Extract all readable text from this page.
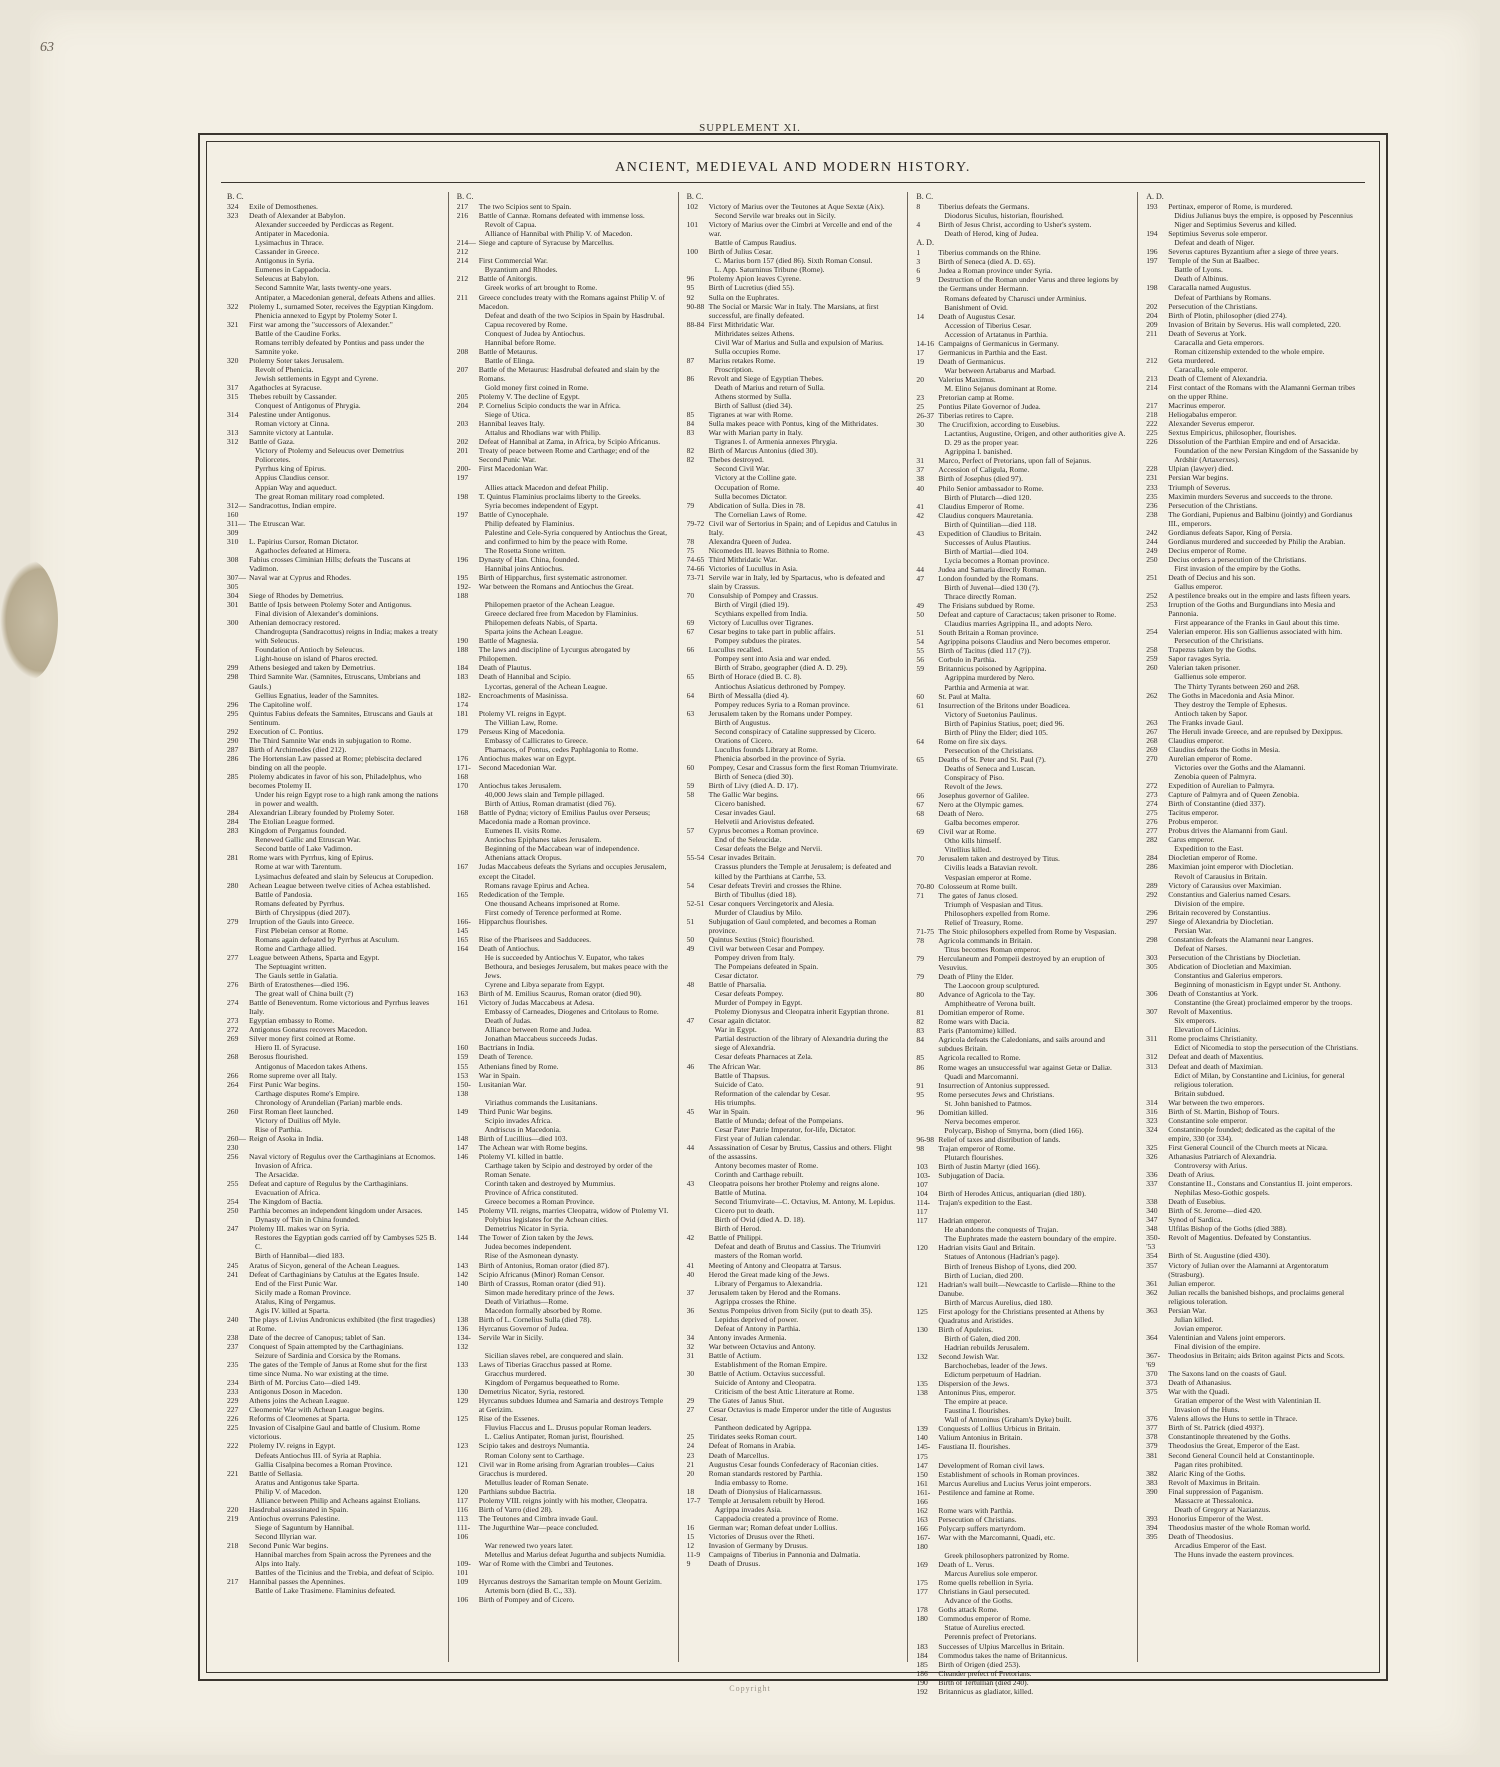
63
SUPPLEMENT XI.
ANCIENT, MEDIEVAL AND MODERN HISTORY.
B. C.
324	Exile of Demosthenes.
323	Death of Alexander at Babylon.
Alexander succeeded by Perdiccas as Regent.
Antipater in Macedonia.
Lysimachus in Thrace.
Cassander in Greece.
Antigonus in Syria.
Eumenes in Cappadocia.
Seleucus at Babylon.
Second Samnite War, lasts twenty-one years.
Antipater, a Macedonian general, defeats Athens and allies.
322	Ptolemy I., surnamed Soter, receives the Egyptian Kingdom.
Phenicia annexed to Egypt by Ptolemy Soter I.
321	First war among the "successors of Alexander."
Battle of the Caudine Forks.
Romans terribly defeated by Pontius and pass under the Samnite yoke.
320	Ptolemy Soter takes Jerusalem.
Revolt of Phenicia.
Jewish settlements in Egypt and Cyrene.
317	Agathocles at Syracuse.
315	Thebes rebuilt by Cassander.
Conquest of Antigonus of Phrygia.
314	Palestine under Antigonus.
Roman victory at Cinna.
313	Samnite victory at Lantulæ.
312	Battle of Gaza.
Victory of Ptolemy and Seleucus over Demetrius Poliorcetes.
Pyrrhus king of Epirus.
Appius Claudius censor.
Appian Way and aqueduct.
The great Roman military road completed.
312—160
Sandracottus, Indian empire.
311—309
The Etruscan War.
310	L. Papirius Cursor, Roman Dictator.
Agathocles defeated at Himera.
308	Fabius crosses Ciminian Hills; defeats the Tuscans at Vadimon.
307—305
Naval war at Cyprus and Rhodes.
304	Siege of Rhodes by Demetrius.
301	Battle of Ipsis between Ptolemy Soter and Antigonus.
Final division of Alexander's dominions.
300	Athenian democracy restored.
Chandrogupta (Sandracottus) reigns in India; makes a treaty with Seleucus.
Foundation of Antioch by Seleucus.
Light-house on island of Pharos erected.
299	Athens besieged and taken by Demetrius.
298	Third Samnite War. (Samnites, Etruscans, Umbrians and Gauls.)
Gellius Egnatius, leader of the Samnites.
296	The Capitoline wolf.
295	Quintus Fabius defeats the Samnites, Etruscans and Gauls at Sentinum.
292	Execution of C. Pontius.
290	The Third Samnite War ends in subjugation to Rome.
287	Birth of Archimedes (died 212).
286	The Hortensian Law passed at Rome; plebiscita declared binding on all the people.
285	Ptolemy abdicates in favor of his son, Philadelphus, who becomes Ptolemy II.
Under his reign Egypt rose to a high rank among the nations in power and wealth.
284	Alexandrian Library founded by Ptolemy Soter.
284	The Etolian League formed.
283	Kingdom of Pergamus founded.
Renewed Gallic and Etruscan War.
Second battle of Lake Vadimon.
281	Rome wars with Pyrrhus, king of Epirus.
Rome at war with Tarentum.
Lysimachus defeated and slain by Seleucus at Corupedion.
280	Achean League between twelve cities of Achea established.
Battle of Pandosia.
Romans defeated by Pyrrhus.
Birth of Chrysippus (died 207).
279	Irruption of the Gauls into Greece.
First Plebeian censor at Rome.
Romans again defeated by Pyrrhus at Asculum.
Rome and Carthage allied.
277	League between Athens, Sparta and Egypt.
The Septuagint written.
The Gauls settle in Galatia.
276	Birth of Eratosthenes—died 196.
The great wall of China built (?)
274	Battle of Beneventum. Rome victorious and Pyrrhus leaves Italy.
273	Egyptian embassy to Rome.
272	Antigonus Gonatus recovers Macedon.
269	Silver money first coined at Rome.
Hiero II. of Syracuse.
268	Berosus flourished.
Antigonus of Macedon takes Athens.
266	Rome supreme over all Italy.
264	First Punic War begins.
Carthage disputes Rome's Empire.
Chronology of Arundelian (Parian) marble ends.
260	First Roman fleet launched.
Victory of Duilius off Myle.
Rise of Parthia.
260—230
Reign of Asoka in India.
256	Naval victory of Regulus over the Carthaginians at Ecnomos.
Invasion of Africa.
The Arsacidæ.
255	Defeat and capture of Regulus by the Carthaginians.
Evacuation of Africa.
254	The Kingdom of Bactia.
250	Parthia becomes an independent kingdom under Arsaces.
Dynasty of Tsin in China founded.
247	Ptolemy III. makes war on Syria.
Restores the Egyptian gods carried off by Cambyses 525 B. C.
Birth of Hannibal—died 183.
245	Aratus of Sicyon, general of the Achean Leagues.
241	Defeat of Carthaginians by Catulus at the Egates Insule.
End of the First Punic War.
Sicily made a Roman Province.
Atalus, King of Pergamus.
Agis IV. killed at Sparta.
240	The plays of Livius Andronicus exhibited (the first tragedies) at Rome.
238	Date of the decree of Canopus; tablet of San.
237	Conquest of Spain attempted by the Carthaginians.
Seizure of Sardinia and Corsica by the Romans.
235	The gates of the Temple of Janus at Rome shut for the first time since Numa. No war existing at the time.
234	Birth of M. Porcius Cato—died 149.
233	Antigonus Doson in Macedon.
229	Athens joins the Achean League.
227	Cleomenic War with Achean League begins.
226	Reforms of Cleomenes at Sparta.
225	Invasion of Cisalpine Gaul and battle of Clusium. Rome victorious.
222	Ptolemy IV. reigns in Egypt.
Defeats Antiochus III. of Syria at Raphia.
Gallia Cisalpina becomes a Roman Province.
221	Battle of Sellasia.
Aratus and Antigonus take Sparta.
Philip V. of Macedon.
Alliance between Philip and Acheans against Etolians.
220	Hasdrubal assassinated in Spain.
219	Antiochus overruns Palestine.
Siege of Saguntum by Hannibal.
Second Illyrian war.
218	Second Punic War begins.
Hannibal marches from Spain across the Pyrenees and the Alps into Italy.
Battles of the Ticinius and the Trebia, and defeat of Scipio.
217	Hannibal passes the Apennines.
Battle of Lake Trasimene. Flaminius defeated.
B. C.
217	The two Scipios sent to Spain.
216	Battle of Cannæ. Romans defeated with immense loss.
Revolt of Capua.
Alliance of Hannibal with Philip V. of Macedon.
214—212
Siege and capture of Syracuse by Marcellus.
214	First Commercial War.
Byzantium and Rhodes.
212	Battle of Anitorgis.
Greek works of art brought to Rome.
211	Greece concludes treaty with the Romans against Philip V. of Macedon.
Defeat and death of the two Scipios in Spain by Hasdrubal.
Capua recovered by Rome.
Conquest of Judea by Antiochus.
Hannibal before Rome.
208	Battle of Metaurus.
Battle of Elinga.
207	Battle of the Metaurus: Hasdrubal defeated and slain by the Romans.
Gold money first coined in Rome.
205	Ptolemy V. The decline of Egypt.
204	P. Cornelius Scipio conducts the war in Africa.
Siege of Utica.
203	Hannibal leaves Italy.
Attalus and Rhodians war with Philip.
202	Defeat of Hannibal at Zama, in Africa, by Scipio Africanus.
201	Treaty of peace between Rome and Carthage; end of the Second Punic War.
200-197
First Macedonian War.
Allies attack Macedon and defeat Philip.
198	T. Quintus Flaminius proclaims liberty to the Greeks.
Syria becomes independent of Egypt.
197	Battle of Cynocephale.
Philip defeated by Flaminius.
Palestine and Cele-Syria conquered by Antiochus the Great, and confirmed to him by the peace with Rome.
The Rosetta Stone written.
196	Dynasty of Han. China, founded.
Hannibal joins Antiochus.
195	Birth of Hipparchus, first systematic astronomer.
192-188
War between the Romans and Antiochus the Great.
Philopemen praetor of the Achean League.
Greece declared free from Macedon by Flaminius.
Philopemen defeats Nabis, of Sparta.
Sparta joins the Achean League.
190	Battle of Magnesia.
188	The laws and discipline of Lycurgus abrogated by Philopemen.
184	Death of Plautus.
183	Death of Hannibal and Scipio.
Lycortas, general of the Achean League.
182-174
Encroachments of Masinissa.
181	Ptolemy VI. reigns in Egypt.
The Villian Law, Rome.
179	Perseus King of Macedonia.
Embassy of Callicrates to Greece.
Pharnaces, of Pontus, cedes Paphlagonia to Rome.
176	Antiochus makes war on Egypt.
171-168
Second Macedonian War.
170	Antiochus takes Jerusalem.
40,000 Jews slain and Temple pillaged.
Birth of Attius, Roman dramatist (died 76).
168	Battle of Pydna; victory of Emilius Paulus over Perseus; Macedonia made a Roman province.
Eumenes II. visits Rome.
Antiochus Epiphanes takes Jerusalem.
Beginning of the Maccabean war of independence.
Athenians attack Oropus.
167	Judas Maccabeus defeats the Syrians and occupies Jerusalem, except the Citadel.
Romans ravage Epirus and Achea.
165	Rededication of the Temple.
One thousand Acheans imprisoned at Rome.
First comedy of Terence performed at Rome.
166-145
Hipparchus flourishes.
165	Rise of the Pharisees and Sadducees.
164	Death of Antiochus.
He is succeeded by Antiochus V. Eupator, who takes Bethoura, and besieges Jerusalem, but makes peace with the Jews.
Cyrene and Libya separate from Egypt.
163	Birth of M. Emilius Scaurus, Roman orator (died 90).
161	Victory of Judas Maccabeus at Adesa.
Embassy of Carneades, Diogenes and Critolaus to Rome.
Death of Judas.
Alliance between Rome and Judea.
Jonathan Maccabeus succeeds Judas.
160	Bactrians in India.
159	Death of Terence.
155	Athenians fined by Rome.
153	War in Spain.
150-138
Lusitanian War.
Viriathus commands the Lusitanians.
149	Third Punic War begins.
Scipio invades Africa.
Andriscus in Macedonia.
148	Birth of Lucillius—died 103.
147	The Achean war with Rome begins.
146	Ptolemy VI. killed in battle.
Carthage taken by Scipio and destroyed by order of the Roman Senate.
Corinth taken and destroyed by Mummius.
Province of Africa constituted.
Greece becomes a Roman Province.
145	Ptolemy VII. reigns, marries Cleopatra, widow of Ptolemy VI.
Polybius legislates for the Achean cities.
Demetrius Nicator in Syria.
144	The Tower of Zion taken by the Jews.
Judea becomes independent.
Rise of the Asmonean dynasty.
143	Birth of Antonius, Roman orator (died 87).
142	Scipio Africanus (Minor) Roman Censor.
140	Birth of Crassus, Roman orator (died 91).
Simon made hereditary prince of the Jews.
Death of Viriathus—Rome.
Macedon formally absorbed by Rome.
138	Birth of L. Cornelius Sulla (died 78).
136	Hyrcanus Governor of Judea.
134-132
Servile War in Sicily.
Sicilian slaves rebel, are conquered and slain.
133	Laws of Tiberias Gracchus passed at Rome.
Gracchus murdered.
Kingdom of Pergamus bequeathed to Rome.
130	Demetrius Nicator, Syria, restored.
129	Hyrcanus subdues Idumea and Samaria and destroys Temple at Gerizim.
125	Rise of the Essenes.
Fluvius Flaccus and L. Drusus popular Roman leaders.
L. Cælius Antipater, Roman jurist, flourished.
123	Scipio takes and destroys Numantia.
Roman Colony sent to Carthage.
121	Civil war in Rome arising from Agrarian troubles—Caius Gracchus is murdered.
Metullus leader of Roman Senate.
120	Parthians subdue Bactria.
117	Ptolemy VIII. reigns jointly with his mother, Cleopatra.
116	Birth of Varro (died 28).
113	The Teutones and Cimbra invade Gaul.
111-106
The Jugurthine War—peace concluded.
War renewed two years later.
Metellus and Marius defeat Jugurtha and subjects Numidia.
109-101
War of Rome with the Cimbri and Teutones.
109	Hyrcanus destroys the Samaritan temple on Mount Gerizim.
Artemis born (died B. C., 33).
106	Birth of Pompey and of Cicero.
B. C.
102	Victory of Marius over the Teutones at Aque Sextæ (Aix).
Second Servile war breaks out in Sicily.
101	Victory of Marius over the Cimbri at Vercelle and end of the war.
Battle of Campus Raudius.
100	Birth of Julius Cesar.
C. Marius born 157 (died 86). Sixth Roman Consul.
L. App. Saturninus Tribune (Rome).
96	Ptolemy Apion leaves Cyrene.
95	Birth of Lucretius (died 55).
92	Sulla on the Euphrates.
90-88 The Social or Marsic War in Italy. The Marsians, at first successful, are finally defeated.
88-84 First Mithridatic War.
Mithridates seizes Athens.
Civil War of Marius and Sulla and expulsion of Marius.
Sulla occupies Rome.
87	Marius retakes Rome.
Proscription.
86	Revolt and Siege of Egyptian Thebes.
Death of Marius and return of Sulla.
Athens stormed by Sulla.
Birth of Sallust (died 34).
85	Tigranes at war with Rome.
84	Sulla makes peace with Pontus, king of the Mithridates.
83	War with Marian party in Italy.
Tigranes I. of Armenia annexes Phrygia.
82	Birth of Marcus Antonius (died 30).
82	Thebes destroyed.
Second Civil War.
Victory at the Colline gate.
Occupation of Rome.
Sulla becomes Dictator.
79	Abdication of Sulla. Dies in 78.
The Cornelian Laws of Rome.
79-72 Civil war of Sertorius in Spain; and of Lepidus and Catulus in Italy.
78	Alexandra Queen of Judea.
75	Nicomedes III. leaves Bithnia to Rome.
74-65 Third Mithridatic War.
74-66 Victories of Lucullus in Asia.
73-71 Servile war in Italy, led by Spartacus, who is defeated and slain by Crassus.
70	Consulship of Pompey and Crassus.
Birth of Virgil (died 19).
Scythians expelled from India.
69	Victory of Lucullus over Tigranes.
67	Cesar begins to take part in public affairs.
Pompey subdues the pirates.
66	Lucullus recalled.
Pompey sent into Asia and war ended.
Birth of Strabo, geographer (died A. D. 29).
65	Birth of Horace (died B. C. 8).
Antiochus Asiaticus dethroned by Pompey.
64	Birth of Messalla (died 4).
Pompey reduces Syria to a Roman province.
63	Jerusalem taken by the Romans under Pompey.
Birth of Augustus.
Second conspiracy of Cataline suppressed by Cicero.
Orations of Cicero.
Lucullus founds Library at Rome.
Phenicia absorbed in the province of Syria.
60	Pompey, Cesar and Crassus form the first Roman Triumvirate.
Birth of Seneca (died 30).
59	Birth of Livy (died A. D. 17).
58	The Gallic War begins.
Cicero banished.
Cesar invades Gaul.
Helvetii and Ariovistus defeated.
57	Cyprus becomes a Roman province.
End of the Seleucidæ.
Cesar defeats the Belge and Nervii.
55-54 Cesar invades Britain.
Crassus plunders the Temple at Jerusalem; is defeated and killed by the Parthians at Carrhe, 53.
54	Cesar defeats Treviri and crosses the Rhine.
Birth of Tibullus (died 18).
52-51 Cesar conquers Vercingetorix and Alesia.
Murder of Claudius by Milo.
51	Subjugation of Gaul completed, and becomes a Roman province.
50	Quintus Sextius (Stoic) flourished.
49	Civil war between Cesar and Pompey.
Pompey driven from Italy.
The Pompeians defeated in Spain.
Cesar dictator.
48	Battle of Pharsalia.
Cesar defeats Pompey.
Murder of Pompey in Egypt.
Ptolemy Dionysus and Cleopatra inherit Egyptian throne.
47	Cesar again dictator.
War in Egypt.
Partial destruction of the library of Alexandria during the siege of Alexandria.
Cesar defeats Pharnaces at Zela.
46	The African War.
Battle of Thapsus.
Suicide of Cato.
Reformation of the calendar by Cesar.
His triumphs.
45	War in Spain.
Battle of Munda; defeat of the Pompeians.
Cesar Pater Patrie Imperator, for-life, Dictator.
First year of Julian calendar.
44	Assassination of Cesar by Brutus, Cassius and others. Flight of the assassins.
Antony becomes master of Rome.
Corinth and Carthage rebuilt.
43	Cleopatra poisons her brother Ptolemy and reigns alone.
Battle of Mutina.
Second Triumvirate—C. Octavius, M. Antony, M. Lepidus.
Cicero put to death.
Birth of Ovid (died A. D. 18).
Birth of Herod.
42	Battle of Philippi.
Defeat and death of Brutus and Cassius. The Triumviri masters of the Roman world.
41	Meeting of Antony and Cleopatra at Tarsus.
40	Herod the Great made king of the Jews.
Library of Pergamus to Alexandria.
37	Jerusalem taken by Herod and the Romans.
Agrippa crosses the Rhine.
36	Sextus Pompeius driven from Sicily (put to death 35).
Lepidus deprived of power.
Defeat of Antony in Parthia.
34	Antony invades Armenia.
32	War between Octavius and Antony.
31	Battle of Actium.
Establishment of the Roman Empire.
30	Battle of Actium. Octavius successful.
Suicide of Antony and Cleopatra.
Criticism of the best Attic Literature at Rome.
29	The Gates of Janus Shut.
27	Cesar Octavius is made Emperor under the title of Augustus Cesar.
Pantheon dedicated by Agrippa.
25	Tiridates seeks Roman court.
24	Defeat of Romans in Arabia.
23	Death of Marcellus.
21	Augustus Cesar founds Confederacy of Raconian cities.
20	Roman standards restored by Parthia.
India embassy to Rome.
18	Death of Dionysius of Halicarnassus.
17-7	Temple at Jerusalem rebuilt by Herod.
Agrippa invades Asia.
Cappadocia created a province of Rome.
16	German war; Roman defeat under Lollius.
15	Victories of Drusus over the Rheti.
12	Invasion of Germany by Drusus.
11-9	Campaigns of Tiberius in Pannonia and Dalmatia.
9	Death of Drusus.
B. C.
8	Tiberius defeats the Germans.
Diodorus Siculus, historian, flourished.
4	Birth of Jesus Christ, according to Usher's system.
Death of Herod, king of Judea.
A. D.
1	Tiberius commands on the Rhine.
3	Birth of Seneca (died A. D. 65).
6	Judea a Roman province under Syria.
9	Destruction of the Roman under Varus and three legions by the Germans under Hermann.
Romans defeated by Charusci under Arminius.
Banishment of Ovid.
14	Death of Augustus Cesar.
Accession of Tiberius Cesar.
Accession of Artatanus in Parthia.
14-16 Campaigns of Germanicus in Germany.
17	Germanicus in Parthia and the East.
19	Death of Germanicus.
War between Artabarus and Marbad.
20	Valerius Maximus.
M. Elino Sejanus dominant at Rome.
23	Pretorian camp at Rome.
25	Pontius Pilate Governor of Judea.
26-37 Tiberias retires to Capre.
30	The Crucifixion, according to Eusebius.
Lactantius, Augustine, Origen, and other authorities give A. D. 29 as the proper year.
Agrippina I. banished.
31	Marco, Perfect of Pretorians, upon fall of Sejanus.
37	Accession of Caligula, Rome.
38	Birth of Josephus (died 97).
40	Philo Senior ambassador to Rome.
Birth of Plutarch—died 120.
41	Claudius Emperor of Rome.
42	Claudius conquers Mauretania.
Birth of Quintilian—died 118.
43	Expedition of Claudius to Britain.
Successes of Aulus Plautius.
Birth of Martial—died 104.
Lycia becomes a Roman province.
44	Judea and Samaria directly Roman.
47	London founded by the Romans.
Birth of Juvenal—died 130 (?).
Thrace directly Roman.
49	The Frisians subdued by Rome.
50	Defeat and capture of Caractacus; taken prisoner to Rome.
Claudius marries Agrippina II., and adopts Nero.
51	South Britain a Roman province.
54	Agrippina poisons Claudius and Nero becomes emperor.
55	Birth of Tacitus (died 117 (?)).
56	Corbulo in Parthia.
59	Britannicus poisoned by Agrippina.
Agrippina murdered by Nero.
Parthia and Armenia at war.
60	St. Paul at Malta.
61	Insurrection of the Britons under Boadicea.
Victory of Suetonius Paulinus.
Birth of Papinius Statius, poet; died 96.
Birth of Pliny the Elder; died 105.
64	Rome on fire six days.
Persecution of the Christians.
65	Deaths of St. Peter and St. Paul (?).
Deaths of Seneca and Luscan.
Conspiracy of Piso.
Revolt of the Jews.
66	Josephus governor of Galilee.
67	Nero at the Olympic games.
68	Death of Nero.
Galba becomes emperor.
69	Civil war at Rome.
Otho kills himself.
Vitellius killed.
70	Jerusalem taken and destroyed by Titus.
Civilis leads a Batavian revolt.
Vespasian emperor at Rome.
70-80 Colosseum at Rome built.
71	The gates of Janus closed.
Triumph of Vespasian and Titus.
Philosophers expelled from Rome.
Relief of Treasury, Rome.
71-75 The Stoic philosophers expelled from Rome by Vespasian.
78	Agricola commands in Britain.
Titus becomes Roman emperor.
79	Herculaneum and Pompeii destroyed by an eruption of Vesuvius.
79	Death of Pliny the Elder.
The Laocoon group sculptured.
80	Advance of Agricola to the Tay.
Amphitheatre of Verona built.
81	Domitian emperor of Rome.
82	Rome wars with Dacia.
83	Paris (Pantomime) killed.
84	Agricola defeats the Caledonians, and sails around and subdues Britain.
85	Agricola recalled to Rome.
86	Rome wages an unsuccessful war against Getæ or Daliæ.
Quadi and Marcomanni.
91	Insurrection of Antonius suppressed.
95	Rome persecutes Jews and Christians.
St. John banished to Patmos.
96	Domitian killed.
Nerva becomes emperor.
Polycarp, Bishop of Smyrna, born (died 166).
96-98 Relief of taxes and distribution of lands.
98	Trajan emperor of Rome.
Plutarch flourishes.
103	Birth of Justin Martyr (died 166).
103-107
Subjugation of Dacia.
104	Birth of Herodes Atticus, antiquarian (died 180).
114-117
Trajan's expedition to the East.
117	Hadrian emperor.
He abandons the conquests of Trajan.
The Euphrates made the eastern boundary of the empire.
120	Hadrian visits Gaul and Britain.
Statues of Antonous (Hadrian's page).
Birth of Ireneus Bishop of Lyons, died 200.
Birth of Lucian, died 200.
121	Hadrian's wall built—Newcastle to Carlisle—Rhine to the Danube.
Birth of Marcus Aurelius, died 180.
125	First apology for the Christians presented at Athens by Quadratus and Aristides.
130	Birth of Apuleius.
Birth of Galen, died 200.
Hadrian rebuilds Jerusalem.
132	Second Jewish War.
Barchochebas, leader of the Jews.
Edictum perpetuum of Hadrian.
135	Dispersion of the Jews.
138	Antoninus Pius, emperor.
The empire at peace.
Faustina I. flourishes.
Wall of Antoninus (Graham's Dyke) built.
139	Conquests of Lollius Urbicus in Britain.
140	Valium Antonius in Britain.
145-175
Faustiana II. flourishes.
147	Development of Roman civil laws.
150	Establishment of schools in Roman provinces.
161	Marcus Aurelius and Lucius Verus joint emperors.
161-166
Pestilence and famine at Rome.
162	Rome wars with Parthia.
163	Persecution of Christians.
166	Polycarp suffers martyrdom.
167-180
War with the Marcomanni, Quadi, etc.
Greek philosophers patronized by Rome.
169	Death of L. Verus.
Marcus Aurelius sole emperor.
175	Rome quells rebellion in Syria.
177	Christians in Gaul persecuted.
Advance of the Goths.
178	Goths attack Rome.
180	Commodus emperor of Rome.
Statue of Aurelius erected.
Perennis prefect of Pretorians.
183	Successes of Ulpius Marcellus in Britain.
184	Commodus takes the name of Britannicus.
185	Birth of Origen (died 253).
186	Cleander prefect of Pretorians.
190	Birth of Tertullian (died 240).
192	Britannicus as gladiator, killed.
A. D.
193	Pertinax, emperor of Rome, is murdered.
Didius Julianus buys the empire, is opposed by Pescennius Niger and Septimius Severus and killed.
194	Septimius Severus sole emperor.
Defeat and death of Niger.
196	Severus captures Byzantium after a siege of three years.
197	Temple of the Sun at Baalbec.
Battle of Lyons.
Death of Albinus.
198	Caracalla named Augustus.
Defeat of Parthians by Romans.
202	Persecution of the Christians.
204	Birth of Plotin, philosopher (died 274).
209	Invasion of Britain by Severus. His wall completed, 220.
211	Death of Severus at York.
Caracalla and Geta emperors.
Roman citizenship extended to the whole empire.
212	Geta murdered.
Caracalla, sole emperor.
213	Death of Clement of Alexandria.
214	First contact of the Romans with the Alamanni German tribes on the upper Rhine.
217	Macrinus emperor.
218	Heliogabalus emperor.
222	Alexander Severus emperor.
225	Sextus Empiricus, philosopher, flourishes.
226	Dissolution of the Parthian Empire and end of Arsacidæ.
Foundation of the new Persian Kingdom of the Sassanide by Ardshir (Artaxerxes).
228	Ulpian (lawyer) died.
231	Persian War begins.
233	Triumph of Severus.
235	Maximin murders Severus and succeeds to the throne.
236	Persecution of the Christians.
238	The Gordiani, Pupienus and Balbinu (jointly) and Gordianus III., emperors.
242	Gordianus defeats Sapor, King of Persia.
244	Gordianus murdered and succeeded by Philip the Arabian.
249	Decius emperor of Rome.
250	Decius orders a persecution of the Christians.
First invasion of the empire by the Goths.
251	Death of Decius and his son.
Gallus emperor.
252	A pestilence breaks out in the empire and lasts fifteen years.
253	Irruption of the Goths and Burgundians into Mesia and Pannonia.
First appearance of the Franks in Gaul about this time.
254	Valerian emperor. His son Gallienus associated with him.
Persecution of the Christians.
258	Trapezus taken by the Goths.
259	Sapor ravages Syria.
260	Valerian taken prisoner.
Gallienus sole emperor.
The Thirty Tyrants between 260 and 268.
262	The Goths in Macedonia and Asia Minor.
They destroy the Temple of Ephesus.
Antioch taken by Sapor.
263	The Franks invade Gaul.
267	The Heruli invade Greece, and are repulsed by Dexippus.
268	Claudius emperor.
269	Claudius defeats the Goths in Mesia.
270	Aurelian emperor of Rome.
Victories over the Goths and the Alamanni.
Zenobia queen of Palmyra.
272	Expedition of Aurelian to Palmyra.
273	Capture of Palmyra and of Queen Zenobia.
274	Birth of Constantine (died 337).
275	Tacitus emperor.
276	Probus emperor.
277	Probus drives the Alamanni from Gaul.
282	Carus emperor.
Expedition to the East.
284	Diocletian emperor of Rome.
286	Maximian joint emperor with Diocletian.
Revolt of Carausius in Britain.
289	Victory of Carausius over Maximian.
292	Constantius and Galerius named Cesars.
Division of the empire.
296	Britain recovered by Constantius.
297	Siege of Alexandria by Diocletian.
Persian War.
298	Constantius defeats the Alamanni near Langres.
Defeat of Narses.
303	Persecution of the Christians by Diocletian.
305	Abdication of Diocletian and Maximian.
Constantius and Galerius emperors.
Beginning of monasticism in Egypt under St. Anthony.
306	Death of Constantius at York.
Constantine (the Great) proclaimed emperor by the troops.
307	Revolt of Maxentius.
Six emperors.
Elevation of Licinius.
311	Rome proclaims Christianity.
Edict of Nicomedia to stop the persecution of the Christians.
312	Defeat and death of Maxentius.
313	Defeat and death of Maximian.
Edict of Milan, by Constantine and Licinius, for general religious toleration.
Britain subdued.
314	War between the two emperors.
316	Birth of St. Martin, Bishop of Tours.
323	Constantine sole emperor.
324	Constantinople founded; dedicated as the capital of the empire, 330 (or 334).
325	First General Council of the Church meets at Nicæa.
326	Athanasius Patriarch of Alexandria.
Controversy with Arius.
336	Death of Arius.
337	Constantine II., Constans and Constantius II. joint emperors.
Nephilas Meso-Gothic gospels.
338	Death of Eusebius.
340	Birth of St. Jerome—died 420.
347	Synod of Sardica.
348	Ulfilas Bishop of the Goths (died 388).
350-'53
Revolt of Magentius. Defeated by Constantius.
354	Birth of St. Augustine (died 430).
357	Victory of Julian over the Alamanni at Argentoratum (Strasburg).
361	Julian emperor.
362	Julian recalls the banished bishops, and proclaims general religious toleration.
363	Persian War.
Julian killed.
Jovian emperor.
364	Valentinian and Valens joint emperors.
Final division of the empire.
367-'69
Theodosius in Britain; aids Briton against Picts and Scots.
370	The Saxons land on the coasts of Gaul.
373	Death of Athanasius.
375	War with the Quadi.
Gratian emperor of the West with Valentinian II.
Invasion of the Huns.
376	Valens allows the Huns to settle in Thrace.
377	Birth of St. Patrick (died 493?).
378	Constantinople threatened by the Goths.
379	Theodosius the Great, Emperor of the East.
381	Second General Council held at Constantinople.
Pagan rites prohibited.
382	Alaric King of the Goths.
383	Revolt of Maximus in Britain.
390	Final suppression of Paganism.
Massacre at Thessalonica.
Death of Gregory at Nazianzus.
393	Honorius Emperor of the West.
394	Theodosius master of the whole Roman world.
395	Death of Theodosius.
Arcadius Emperor of the East.
The Huns invade the eastern provinces.
Copyright
